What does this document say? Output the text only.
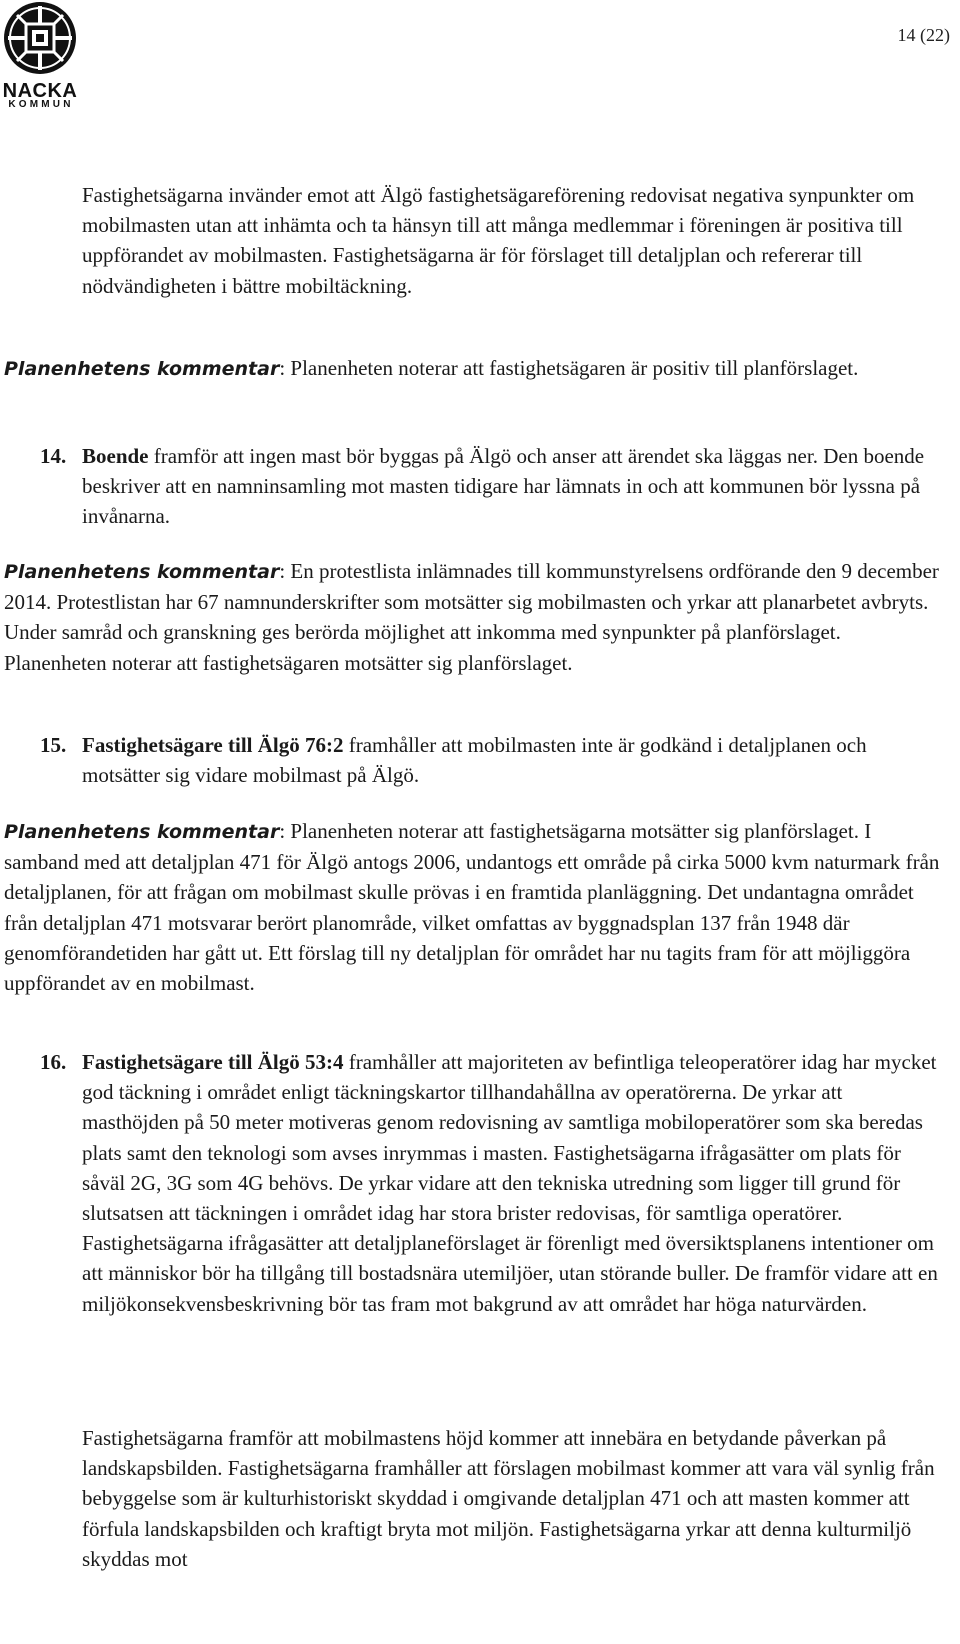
NACKA
KOMMUN
14 (22)

Fastighetsägarna invänder emot att Älgö fastighetsägareförening redovisat negativa synpunkter om mobilmasten utan att inhämta och ta hänsyn till att många medlemmar i föreningen är positiva till uppförandet av mobilmasten. Fastighetsägarna är för förslaget till detaljplan och refererar till nödvändigheten i bättre mobiltäckning.

Planenhetens kommentar: Planenheten noterar att fastighetsägaren är positiv till planförslaget.

14. Boende framför att ingen mast bör byggas på Älgö och anser att ärendet ska läggas ner. Den boende beskriver att en namninsamling mot masten tidigare har lämnats in och att kommunen bör lyssna på invånarna.

Planenhetens kommentar: En protestlista inlämnades till kommunstyrelsens ordförande den 9 december 2014. Protestlistan har 67 namnunderskrifter som motsätter sig mobilmasten och yrkar att planarbetet avbryts. Under samråd och granskning ges berörda möjlighet att inkomma med synpunkter på planförslaget. Planenheten noterar att fastighetsägaren motsätter sig planförslaget.

15. Fastighetsägare till Älgö 76:2 framhåller att mobilmasten inte är godkänd i detaljplanen och motsätter sig vidare mobilmast på Älgö.

Planenhetens kommentar: Planenheten noterar att fastighetsägarna motsätter sig planförslaget. I samband med att detaljplan 471 för Älgö antogs 2006, undantogs ett område på cirka 5000 kvm naturmark från detaljplanen, för att frågan om mobilmast skulle prövas i en framtida planläggning. Det undantagna området från detaljplan 471 motsvarar berört planområde, vilket omfattas av byggnadsplan 137 från 1948 där genomförandetiden har gått ut. Ett förslag till ny detaljplan för området har nu tagits fram för att möjliggöra uppförandet av en mobilmast.

16. Fastighetsägare till Älgö 53:4 framhåller att majoriteten av befintliga teleoperatörer idag har mycket god täckning i området enligt täckningskartor tillhandahållna av operatörerna. De yrkar att masthöjden på 50 meter motiveras genom redovisning av samtliga mobiloperatörer som ska beredas plats samt den teknologi som avses inrymmas i masten. Fastighetsägarna ifrågasätter om plats för såväl 2G, 3G som 4G behövs. De yrkar vidare att den tekniska utredning som ligger till grund för slutsatsen att täckningen i området idag har stora brister redovisas, för samtliga operatörer. Fastighetsägarna ifrågasätter att detaljplaneförslaget är förenligt med översiktsplanens intentioner om att människor bör ha tillgång till bostadsnära utemiljöer, utan störande buller. De framför vidare att en miljökonsekvensbeskrivning bör tas fram mot bakgrund av att området har höga naturvärden.

Fastighetsägarna framför att mobilmastens höjd kommer att innebära en betydande påverkan på landskapsbilden. Fastighetsägarna framhåller att förslagen mobilmast kommer att vara väl synlig från bebyggelse som är kulturhistoriskt skyddad i omgivande detaljplan 471 och att masten kommer att förfula landskapsbilden och kraftigt bryta mot miljön. Fastighetsägarna yrkar att denna kulturmiljö skyddas mot
